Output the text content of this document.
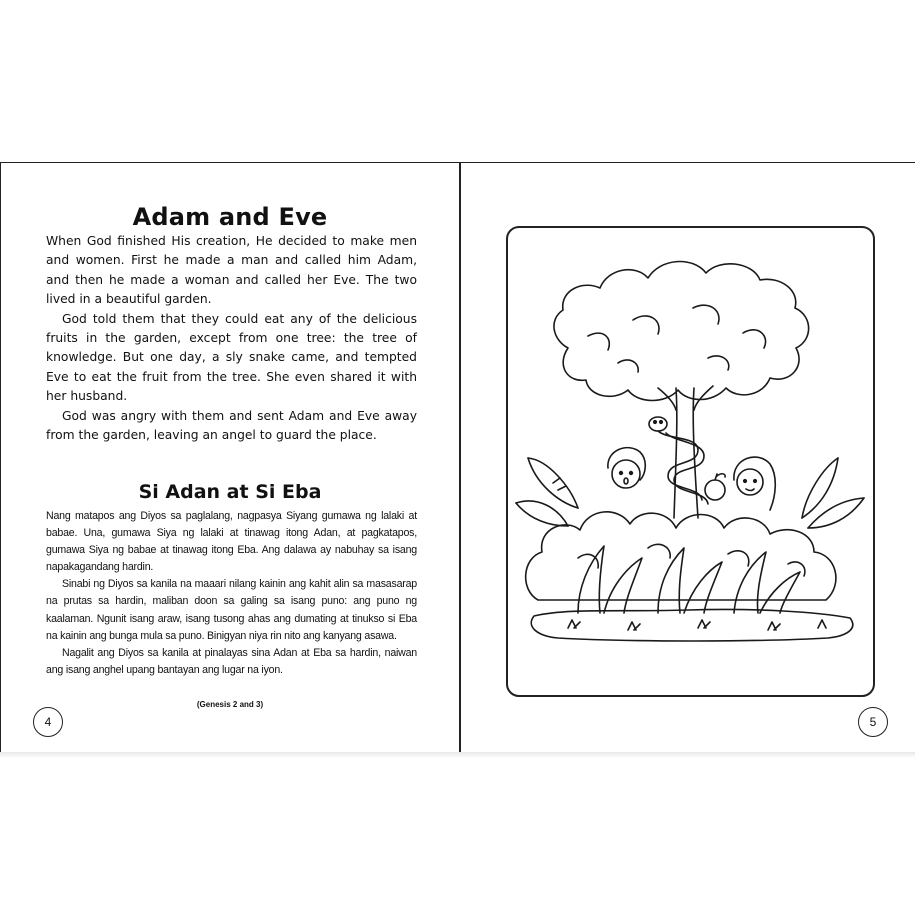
Adam and Eve

When God finished His creation, He decided to make men and women. First he made a man and called him Adam, and then he made a woman and called her Eve. The two lived in a beautiful garden.

God told them that they could eat any of the delicious fruits in the garden, except from one tree: the tree of knowledge. But one day, a sly snake came, and tempted Eve to eat the fruit from the tree. She even shared it with her husband.

God was angry with them and sent Adam and Eve away from the garden, leaving an angel to guard the place.

Si Adan at Si Eba

Nang matapos ang Diyos sa paglalang, nagpasya Siyang gumawa ng lalaki at babae. Una, gumawa Siya ng lalaki at tinawag itong Adan, at pagkatapos, gumawa Siya ng babae at tinawag itong Eba. Ang dalawa ay nabuhay sa isang napakagandang hardin.

Sinabi ng Diyos sa kanila na maaari nilang kainin ang kahit alin sa masasarap na prutas sa hardin, maliban doon sa galing sa isang puno: ang puno ng kaalaman. Ngunit isang araw, isang tusong ahas ang dumating at tinukso si Eba na kainin ang bunga mula sa puno. Binigyan niya rin nito ang kanyang asawa.

Nagalit ang Diyos sa kanila at pinalayas sina Adan at Eba sa hardin, naiwan ang isang anghel upang bantayan ang lugar na iyon.

(Genesis 2 and 3)
4	5
